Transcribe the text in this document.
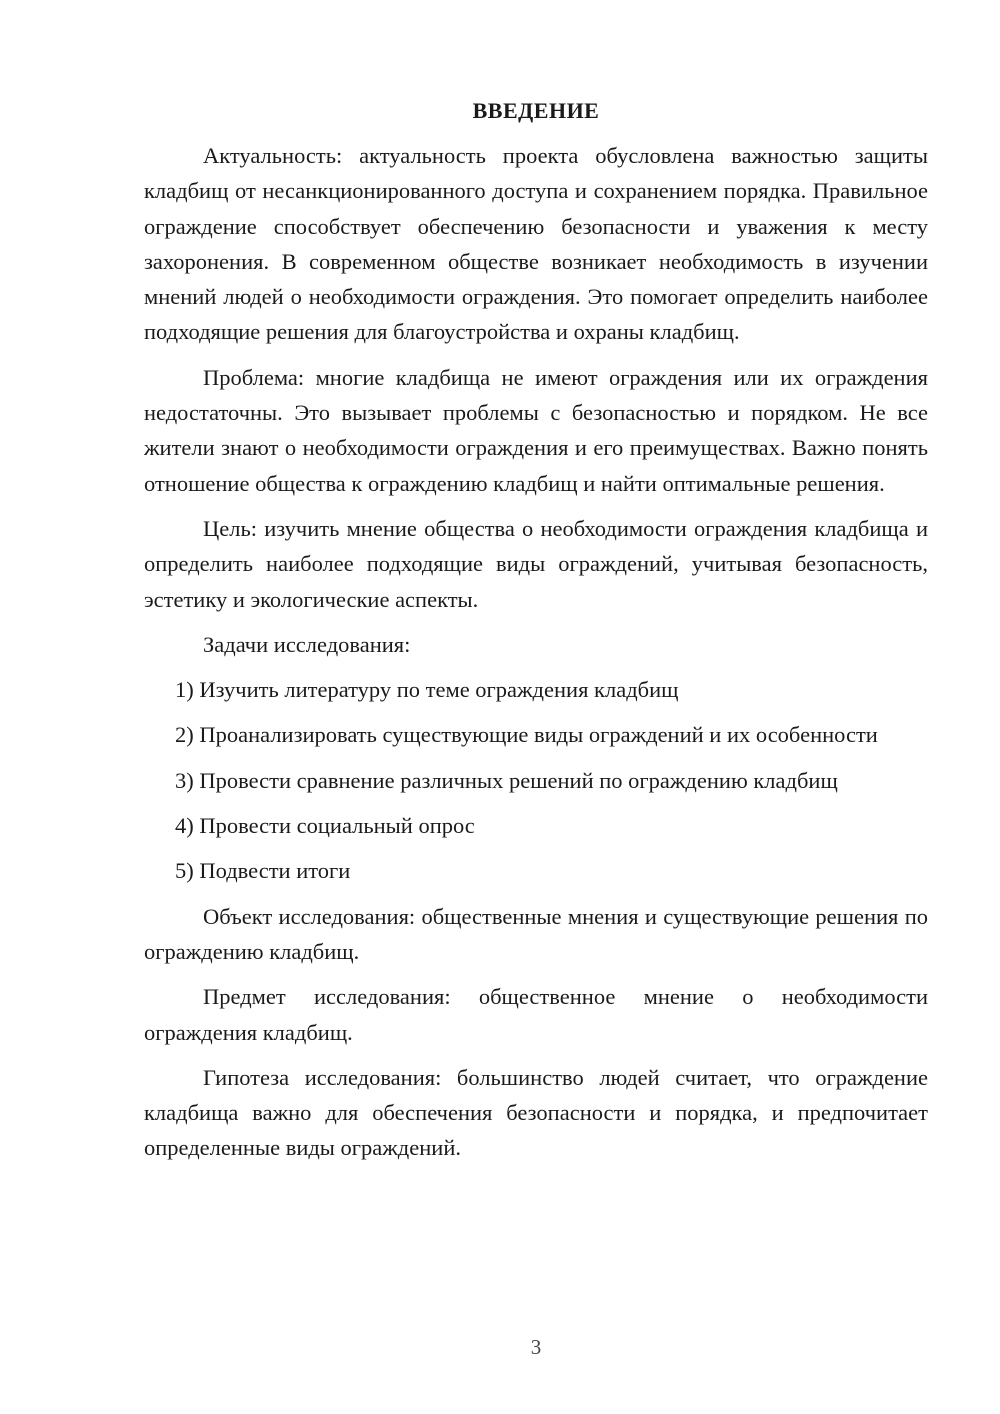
ВВЕДЕНИЕ

Актуальность: актуальность проекта обусловлена важностью защиты кладбищ от несанкционированного доступа и сохранением порядка. Правильное ограждение способствует обеспечению безопасности и уважения к месту захоронения. В современном обществе возникает необходимость в изучении мнений людей о необходимости ограждения. Это помогает определить наиболее подходящие решения для благоустройства и охраны кладбищ.

Проблема: многие кладбища не имеют ограждения или их ограждения недостаточны. Это вызывает проблемы с безопасностью и порядком. Не все жители знают о необходимости ограждения и его преимуществах. Важно понять отношение общества к ограждению кладбищ и найти оптимальные решения.

Цель: изучить мнение общества о необходимости ограждения кладбища и определить наиболее подходящие виды ограждений, учитывая безопасность, эстетику и экологические аспекты.

Задачи исследования:

1) Изучить литературу по теме ограждения кладбищ

2) Проанализировать существующие виды ограждений и их особенности

3) Провести сравнение различных решений по ограждению кладбищ

4) Провести социальный опрос

5) Подвести итоги

Объект исследования: общественные мнения и существующие решения по ограждению кладбищ.

Предмет исследования: общественное мнение о необходимости ограждения кладбищ.

Гипотеза исследования: большинство людей считает, что ограждение кладбища важно для обеспечения безопасности и порядка, и предпочитает определенные виды ограждений.

3
